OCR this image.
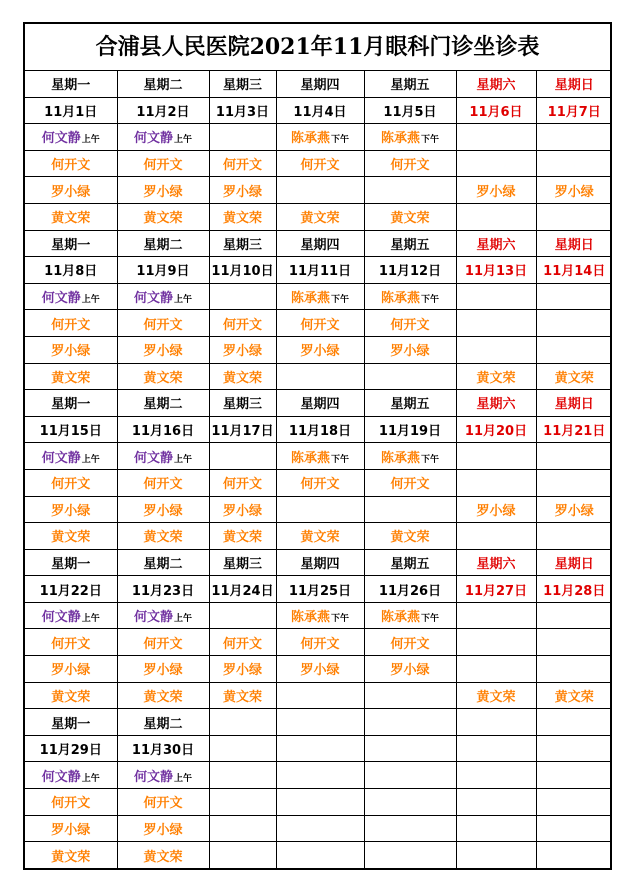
合浦县人民医院2021年11月眼科门诊坐诊表
星期一	星期二	星期三	星期四	星期五	星期六	星期日
11月1日	11月2日	11月3日	11月4日	11月5日	11月6日	11月7日
何文静上午	何文静上午		陈承燕下午	陈承燕下午		
何开文	何开文	何开文	何开文	何开文		
罗小绿	罗小绿	罗小绿			罗小绿	罗小绿
黄文荣	黄文荣	黄文荣	黄文荣	黄文荣		
星期一	星期二	星期三	星期四	星期五	星期六	星期日
11月8日	11月9日	11月10日	11月11日	11月12日	11月13日	11月14日
何文静上午	何文静上午		陈承燕下午	陈承燕下午		
何开文	何开文	何开文	何开文	何开文		
罗小绿	罗小绿	罗小绿	罗小绿	罗小绿		
黄文荣	黄文荣	黄文荣			黄文荣	黄文荣
星期一	星期二	星期三	星期四	星期五	星期六	星期日
11月15日	11月16日	11月17日	11月18日	11月19日	11月20日	11月21日
何文静上午	何文静上午		陈承燕下午	陈承燕下午		
何开文	何开文	何开文	何开文	何开文		
罗小绿	罗小绿	罗小绿			罗小绿	罗小绿
黄文荣	黄文荣	黄文荣	黄文荣	黄文荣		
星期一	星期二	星期三	星期四	星期五	星期六	星期日
11月22日	11月23日	11月24日	11月25日	11月26日	11月27日	11月28日
何文静上午	何文静上午		陈承燕下午	陈承燕下午		
何开文	何开文	何开文	何开文	何开文		
罗小绿	罗小绿	罗小绿	罗小绿	罗小绿		
黄文荣	黄文荣	黄文荣			黄文荣	黄文荣
星期一	星期二					
11月29日	11月30日					
何文静上午	何文静上午					
何开文	何开文					
罗小绿	罗小绿					
黄文荣	黄文荣					
